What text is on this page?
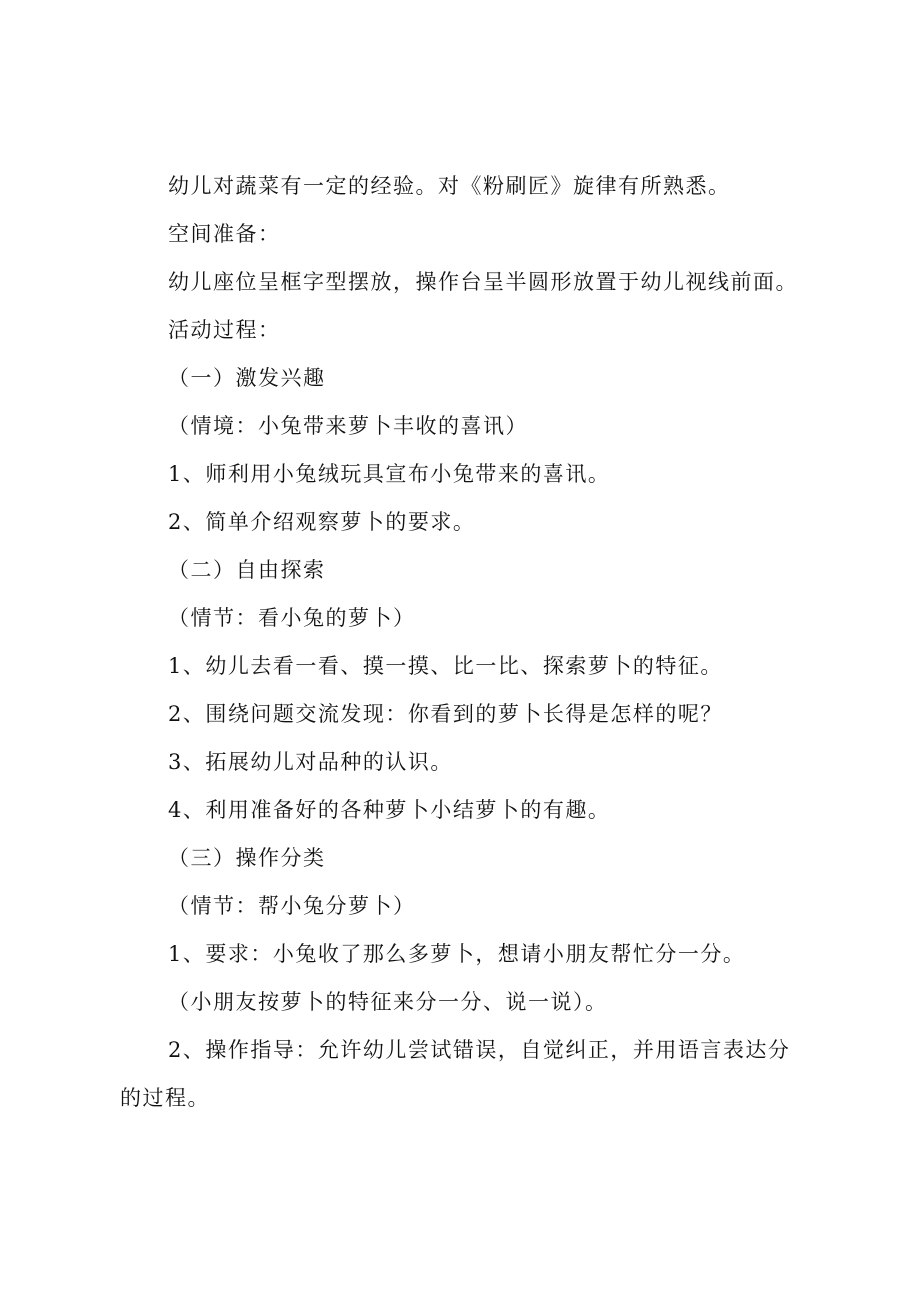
幼儿对蔬菜有一定的经验。对《粉刷匠》旋律有所熟悉。

空间准备：

幼儿座位呈框字型摆放，操作台呈半圆形放置于幼儿视线前面。

活动过程：

（一）激发兴趣

（情境：小兔带来萝卜丰收的喜讯）

1、师利用小兔绒玩具宣布小兔带来的喜讯。

2、简单介绍观察萝卜的要求。

（二）自由探索

（情节：看小兔的萝卜）

1、幼儿去看一看、摸一摸、比一比、探索萝卜的特征。

2、围绕问题交流发现：你看到的萝卜长得是怎样的呢？

3、拓展幼儿对品种的认识。

4、利用准备好的各种萝卜小结萝卜的有趣。

（三）操作分类

（情节：帮小兔分萝卜）

1、要求：小兔收了那么多萝卜，想请小朋友帮忙分一分。

（小朋友按萝卜的特征来分一分、说一说）。

2、操作指导：允许幼儿尝试错误，自觉纠正，并用语言表达分

的过程。
